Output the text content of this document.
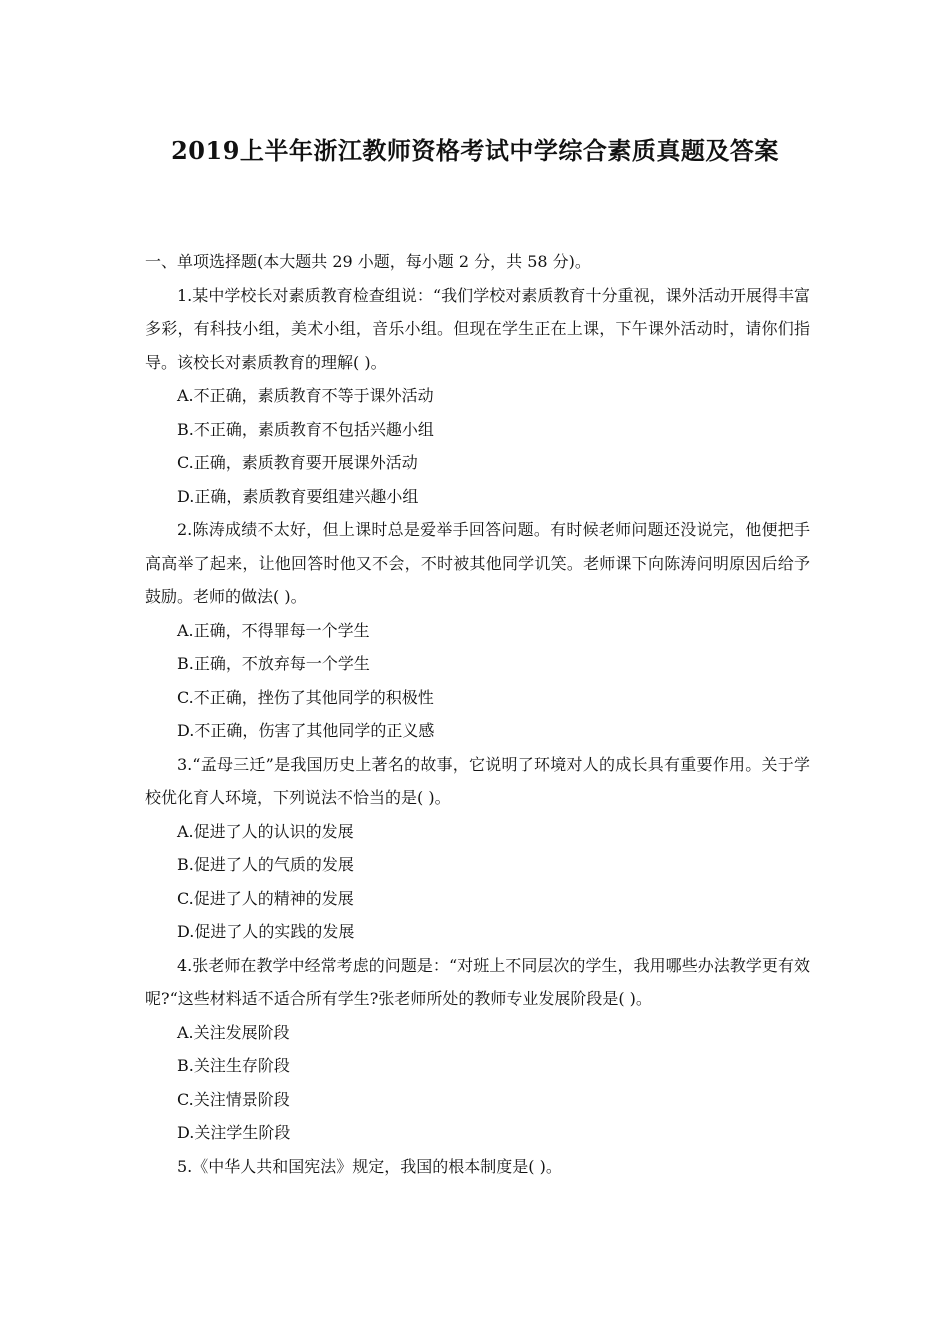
2019上半年浙江教师资格考试中学综合素质真题及答案
一、单项选择题(本大题共 29 小题，每小题 2 分，共 58 分)。

1.某中学校长对素质教育检查组说：“我们学校对素质教育十分重视，课外活动开展得丰富多彩，有科技小组，美术小组，音乐小组。但现在学生正在上课，下午课外活动时，请你们指导。该校长对素质教育的理解( )。

A.不正确，素质教育不等于课外活动
B.不正确，素质教育不包括兴趣小组
C.正确，素质教育要开展课外活动
D.正确，素质教育要组建兴趣小组

2.陈涛成绩不太好，但上课时总是爱举手回答问题。有时候老师问题还没说完，他便把手高高举了起来，让他回答时他又不会，不时被其他同学讥笑。老师课下向陈涛问明原因后给予鼓励。老师的做法( )。

A.正确，不得罪每一个学生
B.正确，不放弃每一个学生
C.不正确，挫伤了其他同学的积极性
D.不正确，伤害了其他同学的正义感

3.“孟母三迁”是我国历史上著名的故事，它说明了环境对人的成长具有重要作用。关于学校优化育人环境，下列说法不恰当的是( )。

A.促进了人的认识的发展
B.促进了人的气质的发展
C.促进了人的精神的发展
D.促进了人的实践的发展

4.张老师在教学中经常考虑的问题是：“对班上不同层次的学生，我用哪些办法教学更有效呢?“这些材料适不适合所有学生?张老师所处的教师专业发展阶段是( )。

A.关注发展阶段
B.关注生存阶段
C.关注情景阶段
D.关注学生阶段

5.《中华人共和国宪法》规定，我国的根本制度是( )。
